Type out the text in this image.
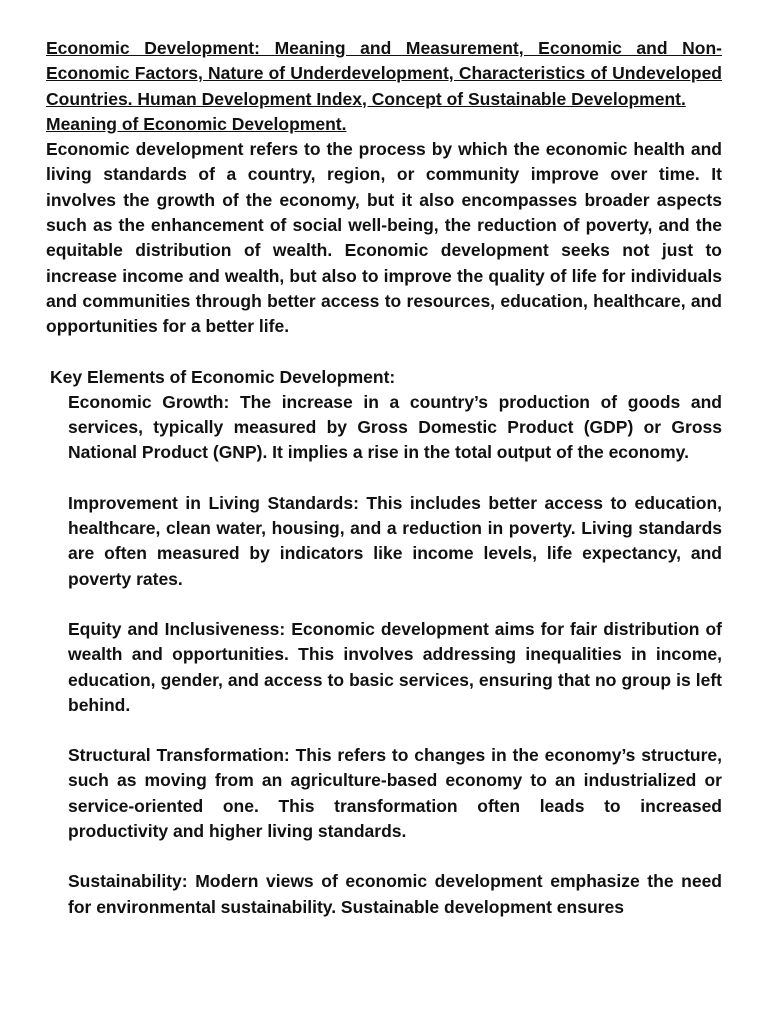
Economic Development: Meaning and Measurement, Economic and Non-Economic Factors, Nature of Underdevelopment, Characteristics of Undeveloped Countries. Human Development Index, Concept of Sustainable Development.

Meaning of Economic Development.

Economic development refers to the process by which the economic health and living standards of a country, region, or community improve over time. It involves the growth of the economy, but it also encompasses broader aspects such as the enhancement of social well-being, the reduction of poverty, and the equitable distribution of wealth. Economic development seeks not just to increase income and wealth, but also to improve the quality of life for individuals and communities through better access to resources, education, healthcare, and opportunities for a better life.

Key Elements of Economic Development:

Economic Growth: The increase in a country’s production of goods and services, typically measured by Gross Domestic Product (GDP) or Gross National Product (GNP). It implies a rise in the total output of the economy.

Improvement in Living Standards: This includes better access to education, healthcare, clean water, housing, and a reduction in poverty. Living standards are often measured by indicators like income levels, life expectancy, and poverty rates.

Equity and Inclusiveness: Economic development aims for fair distribution of wealth and opportunities. This involves addressing inequalities in income, education, gender, and access to basic services, ensuring that no group is left behind.

Structural Transformation: This refers to changes in the economy’s structure, such as moving from an agriculture-based economy to an industrialized or service-oriented one. This transformation often leads to increased productivity and higher living standards.

Sustainability: Modern views of economic development emphasize the need for environmental sustainability. Sustainable development ensures
